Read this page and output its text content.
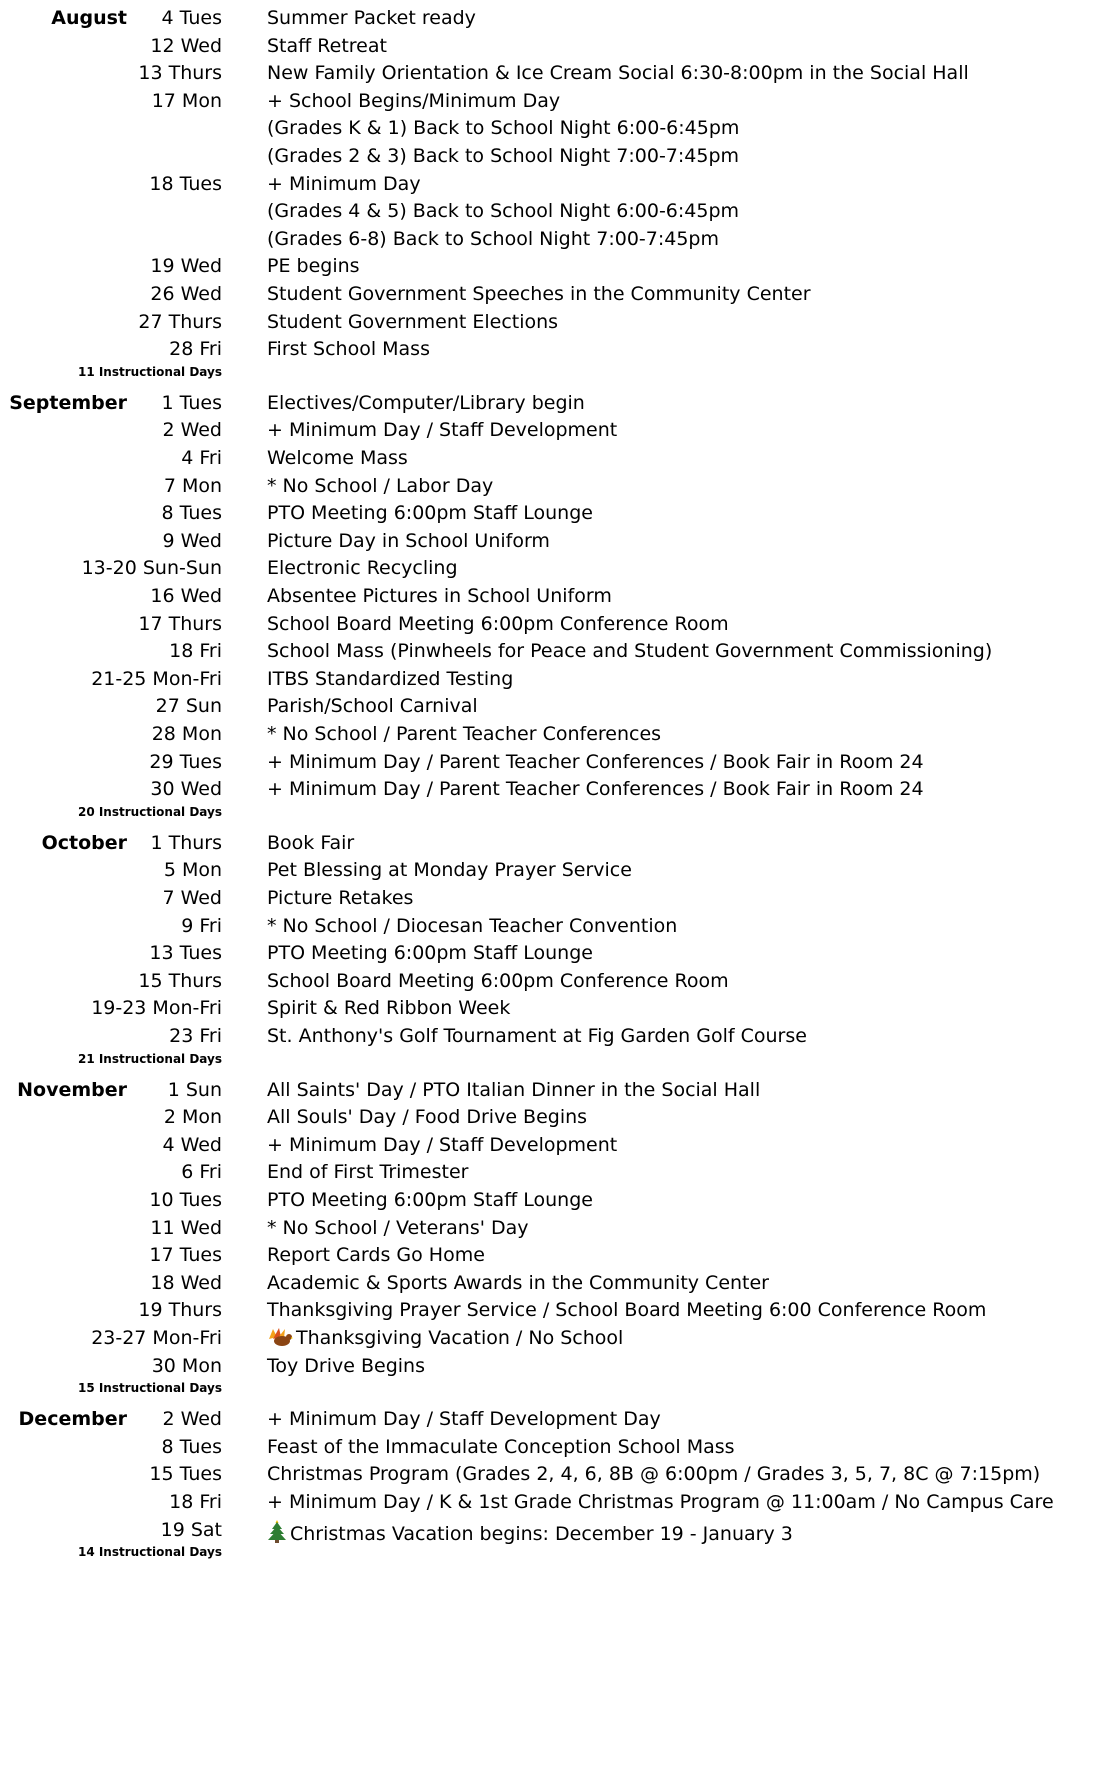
August 4 Tues Summer Packet ready
12 Wed Staff Retreat
13 Thurs New Family Orientation & Ice Cream Social 6:30-8:00pm in the Social Hall
17 Mon + School Begins/Minimum Day
(Grades K & 1) Back to School Night 6:00-6:45pm
(Grades 2 & 3) Back to School Night 7:00-7:45pm
18 Tues + Minimum Day
(Grades 4 & 5) Back to School Night 6:00-6:45pm
(Grades 6-8) Back to School Night 7:00-7:45pm
19 Wed PE begins
26 Wed Student Government Speeches in the Community Center
27 Thurs Student Government Elections
28 Fri First School Mass
11 Instructional Days
September 1 Tues Electives/Computer/Library begin
2 Wed + Minimum Day / Staff Development
4 Fri Welcome Mass
7 Mon * No School / Labor Day
8 Tues PTO Meeting 6:00pm Staff Lounge
9 Wed Picture Day in School Uniform
13-20 Sun-Sun Electronic Recycling
16 Wed Absentee Pictures in School Uniform
17 Thurs School Board Meeting 6:00pm Conference Room
18 Fri School Mass (Pinwheels for Peace and Student Government Commissioning)
21-25 Mon-Fri ITBS Standardized Testing
27 Sun Parish/School Carnival
28 Mon * No School / Parent Teacher Conferences
29 Tues + Minimum Day / Parent Teacher Conferences / Book Fair in Room 24
30 Wed + Minimum Day / Parent Teacher Conferences / Book Fair in Room 24
20 Instructional Days
October 1 Thurs Book Fair
5 Mon Pet Blessing at Monday Prayer Service
7 Wed Picture Retakes
9 Fri * No School / Diocesan Teacher Convention
13 Tues PTO Meeting 6:00pm Staff Lounge
15 Thurs School Board Meeting 6:00pm Conference Room
19-23 Mon-Fri Spirit & Red Ribbon Week
23 Fri St. Anthony's Golf Tournament at Fig Garden Golf Course
21 Instructional Days
November 1 Sun All Saints' Day / PTO Italian Dinner in the Social Hall
2 Mon All Souls' Day / Food Drive Begins
4 Wed + Minimum Day / Staff Development
6 Fri End of First Trimester
10 Tues PTO Meeting 6:00pm Staff Lounge
11 Wed * No School / Veterans' Day
17 Tues Report Cards Go Home
18 Wed Academic & Sports Awards in the Community Center
19 Thurs Thanksgiving Prayer Service / School Board Meeting 6:00 Conference Room
23-27 Mon-Fri	Thanksgiving Vacation / No School
30 Mon Toy Drive Begins
15 Instructional Days
December 2 Wed + Minimum Day / Staff Development Day
8 Tues Feast of the Immaculate Conception School Mass
15 Tues Christmas Program (Grades 2, 4, 6, 8B @ 6:00pm / Grades 3, 5, 7, 8C @ 7:15pm)
18 Fri + Minimum Day / K & 1st Grade Christmas Program @ 11:00am / No Campus Care
19 Sat	Christmas Vacation begins: December 19 - January 3
14 Instructional Days
